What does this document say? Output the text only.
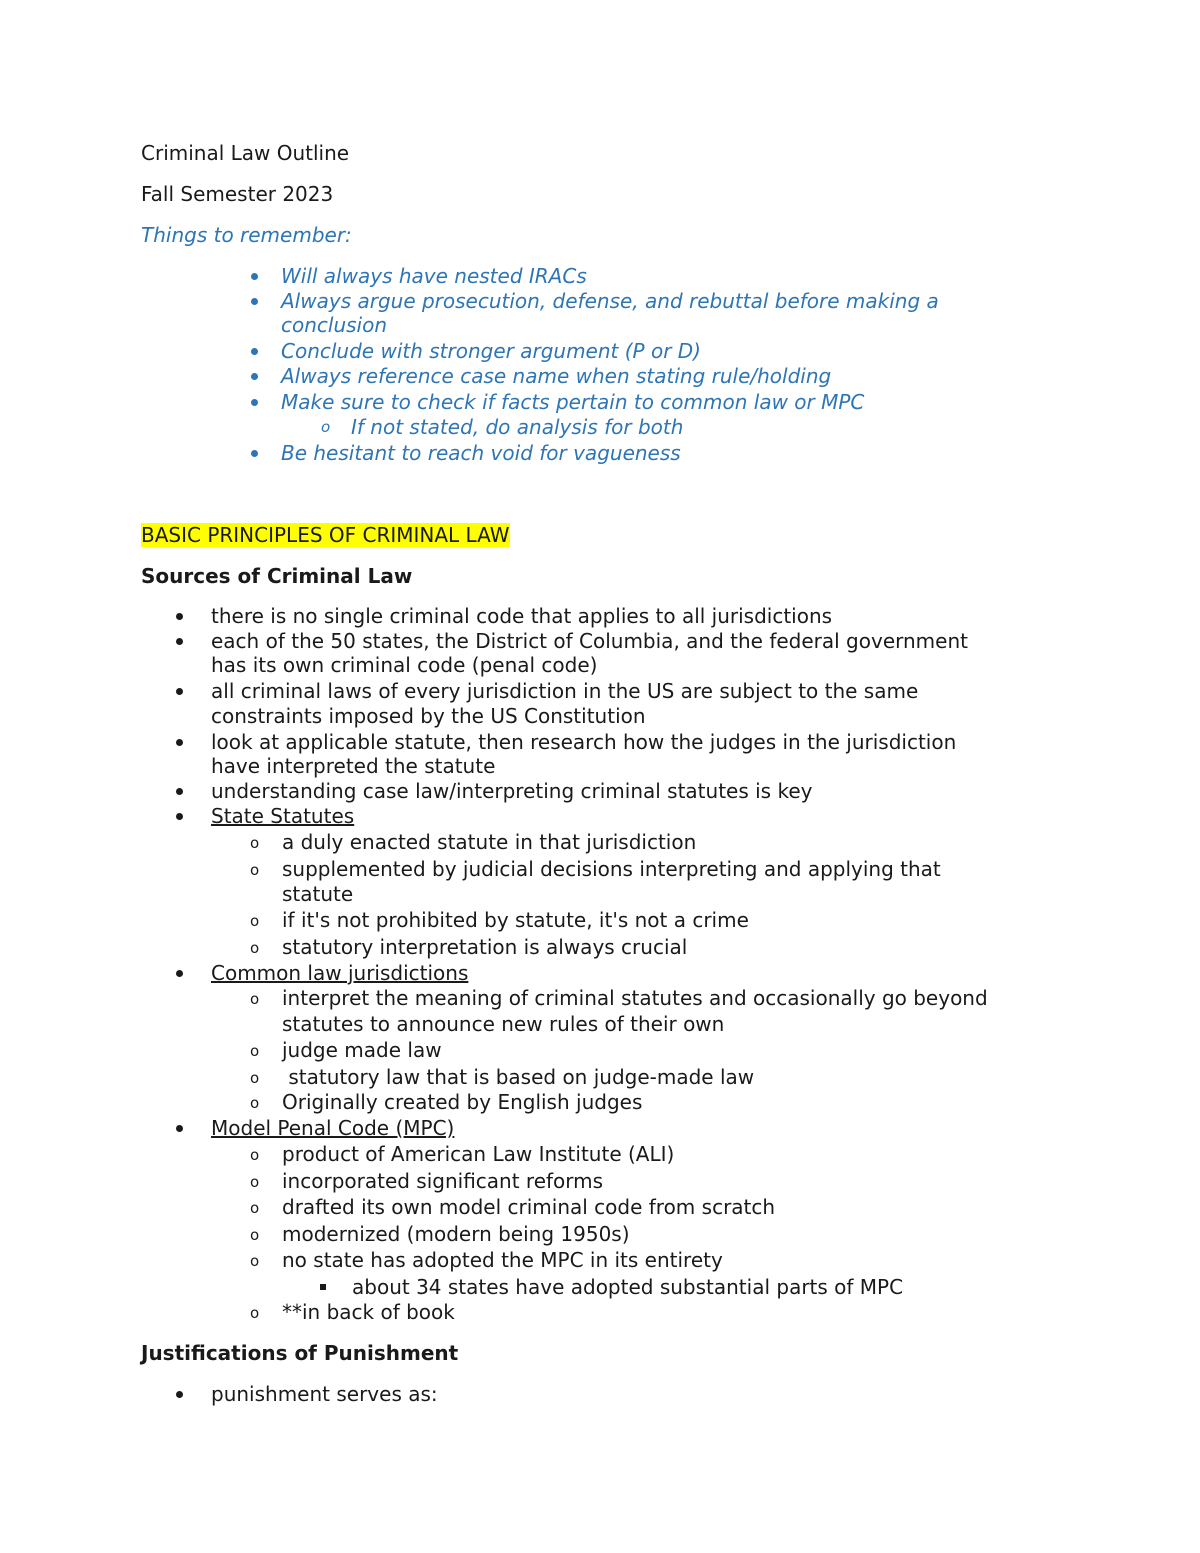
Criminal Law Outline
Fall Semester 2023
Things to remember:
Will always have nested IRACs
Always argue prosecution, defense, and rebuttal before making a
conclusion
Conclude with stronger argument (P or D)
Always reference case name when stating rule/holding
Make sure to check if facts pertain to common law or MPC
o If not stated, do analysis for both
Be hesitant to reach void for vagueness
BASIC PRINCIPLES OF CRIMINAL LAW
Sources of Criminal Law
there is no single criminal code that applies to all jurisdictions
each of the 50 states, the District of Columbia, and the federal government
has its own criminal code (penal code)
all criminal laws of every jurisdiction in the US are subject to the same
constraints imposed by the US Constitution
look at applicable statute, then research how the judges in the jurisdiction
have interpreted the statute
understanding case law/interpreting criminal statutes is key
State Statutes
o a duly enacted statute in that jurisdiction
o supplemented by judicial decisions interpreting and applying that
statute
o if it's not prohibited by statute, it's not a crime
o statutory interpretation is always crucial
Common law jurisdictions
o interpret the meaning of criminal statutes and occasionally go beyond
statutes to announce new rules of their own
o judge made law
o statutory law that is based on judge-made law
o Originally created by English judges
Model Penal Code (MPC)
o product of American Law Institute (ALI)
o incorporated significant reforms
o drafted its own model criminal code from scratch
o modernized (modern being 1950s)
o no state has adopted the MPC in its entirety
about 34 states have adopted substantial parts of MPC
o **in back of book
Justifications of Punishment
punishment serves as:
